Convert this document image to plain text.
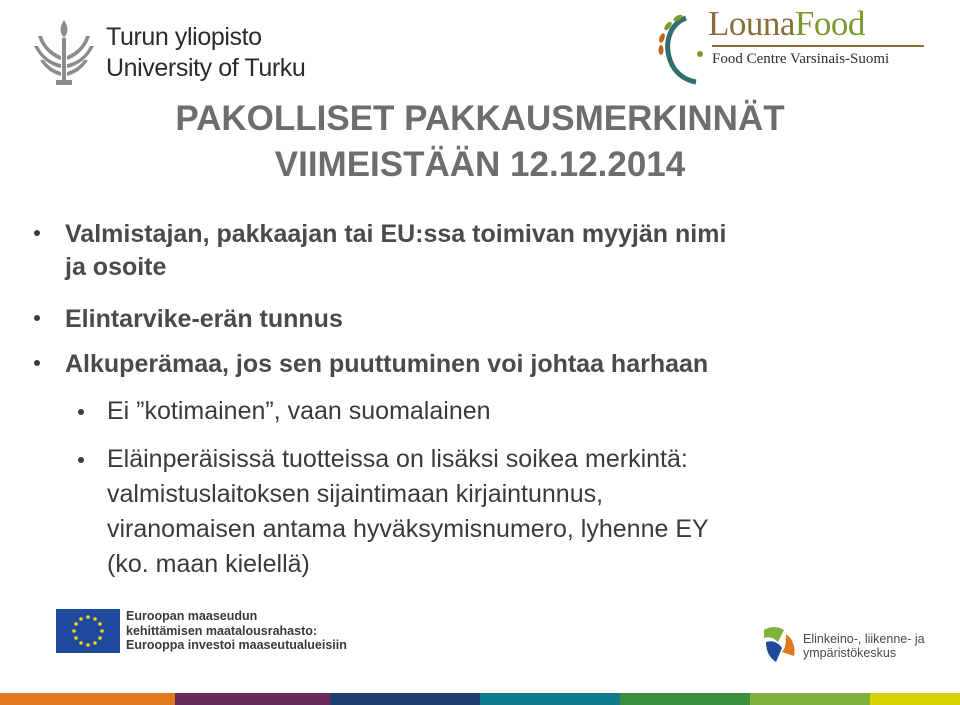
Turun yliopisto
University of Turku
LounaFood
Food Centre Varsinais-Suomi
PAKOLLISET PAKKAUSMERKINNÄT
VIIMEISTÄÄN 12.12.2014
Valmistajan, pakkaajan tai EU:ssa toimivan myyjän nimi
ja osoite
Elintarvike-erän tunnus
Alkuperämaa, jos sen puuttuminen voi johtaa harhaan
Ei ”kotimainen”, vaan suomalainen
Eläinperäisissä tuotteissa on lisäksi soikea merkintä:
valmistuslaitoksen sijaintimaan kirjaintunnus,
viranomaisen antama hyväksymisnumero, lyhenne EY
(ko. maan kielellä)
Euroopan maaseudun
kehittämisen maatalousrahasto:
Eurooppa investoi maaseutualueisiin	Elinkeino-, liikenne- ja
ympäristökeskus
